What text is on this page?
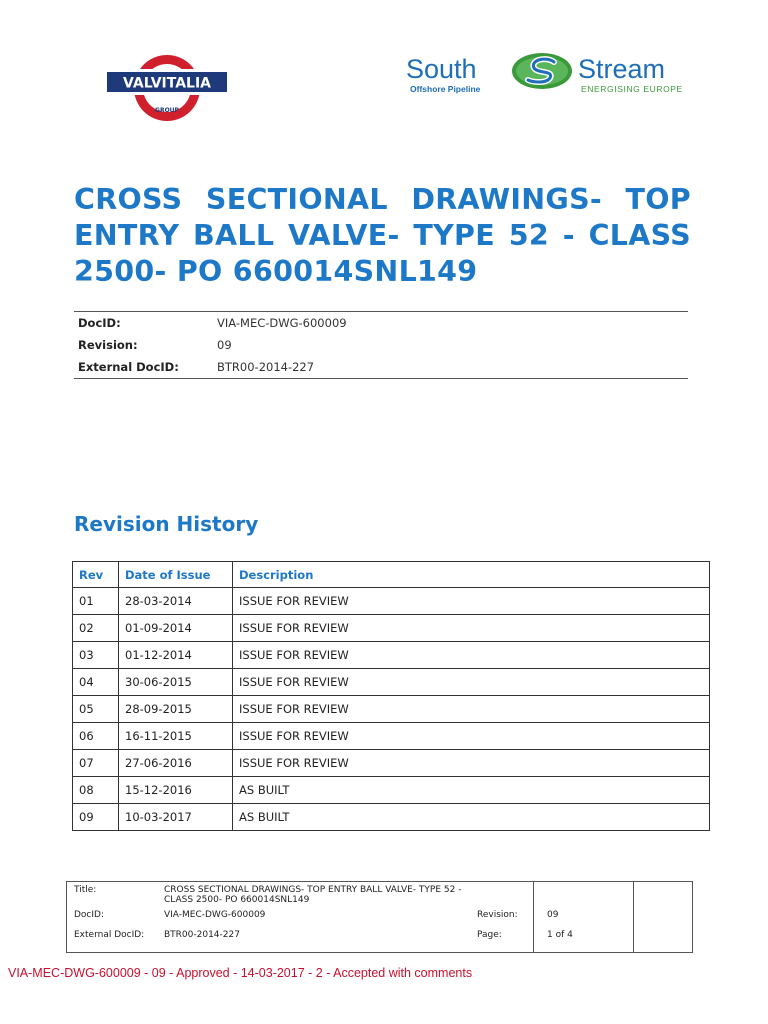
VALVITALIA
GROUP
South	Stream
Offshore Pipeline	ENERGISING EUROPE
CROSS SECTIONAL DRAWINGS- TOP ENTRY BALL VALVE- TYPE 52 - CLASS 2500- PO 660014SNL149
DocID:	VIA-MEC-DWG-600009
Revision:	09
External DocID:	BTR00-2014-227
Revision History
Rev	Date of Issue	Description
01	28-03-2014	ISSUE FOR REVIEW
02	01-09-2014	ISSUE FOR REVIEW
03	01-12-2014	ISSUE FOR REVIEW
04	30-06-2015	ISSUE FOR REVIEW
05	28-09-2015	ISSUE FOR REVIEW
06	16-11-2015	ISSUE FOR REVIEW
07	27-06-2016	ISSUE FOR REVIEW
08	15-12-2016	AS BUILT
09	10-03-2017	AS BUILT
Title:	CROSS SECTIONAL DRAWINGS- TOP ENTRY BALL VALVE- TYPE 52 - CLASS 2500- PO 660014SNL149
DocID:	VIA-MEC-DWG-600009	Revision:	09
External DocID:	BTR00-2014-227	Page:	1 of 4
VIA-MEC-DWG-600009 - 09 - Approved - 14-03-2017 - 2 - Accepted with comments
